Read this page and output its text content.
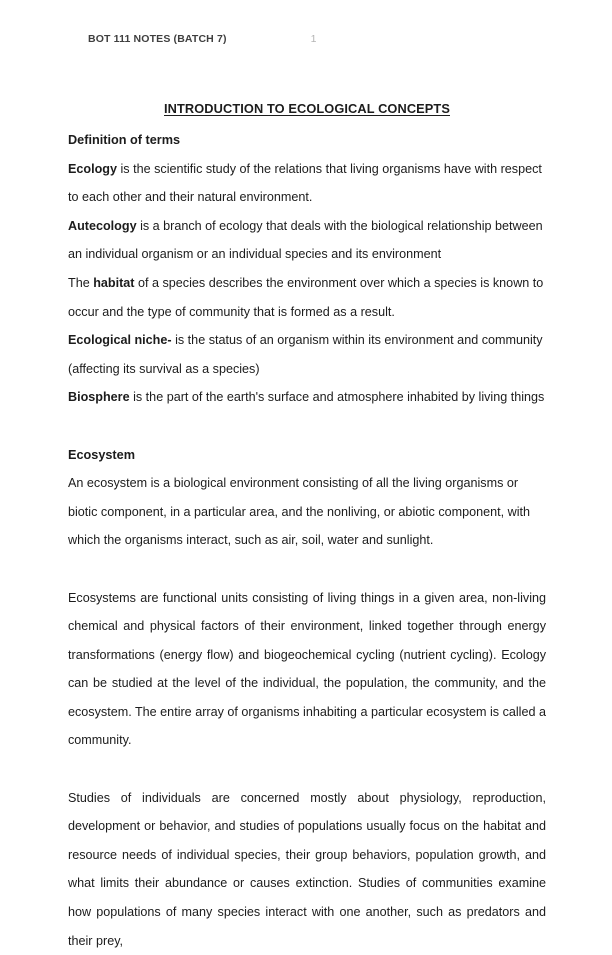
BOT 111 NOTES (BATCH 7)	1
INTRODUCTION TO ECOLOGICAL CONCEPTS
Definition of terms

Ecology is the scientific study of the relations that living organisms have with respect to each other and their natural environment.

Autecology is a branch of ecology that deals with the biological relationship between an individual organism or an individual species and its environment

The habitat of a species describes the environment over which a species is known to occur and the type of community that is formed as a result.

Ecological niche- is the status of an organism within its environment and community (affecting its survival as a species)

Biosphere is the part of the earth's surface and atmosphere inhabited by living things

Ecosystem

An ecosystem is a biological environment consisting of all the living organisms or biotic component, in a particular area, and the nonliving, or abiotic component, with which the organisms interact, such as air, soil, water and sunlight.

Ecosystems are functional units consisting of living things in a given area, non-living chemical and physical factors of their environment, linked together through energy transformations (energy flow) and biogeochemical cycling (nutrient cycling). Ecology can be studied at the level of the individual, the population, the community, and the ecosystem. The entire array of organisms inhabiting a particular ecosystem is called a community.

Studies of individuals are concerned mostly about physiology, reproduction, development or behavior, and studies of populations usually focus on the habitat and resource needs of individual species, their group behaviors, population growth, and what limits their abundance or causes extinction. Studies of communities examine how populations of many species interact with one another, such as predators and their prey,
